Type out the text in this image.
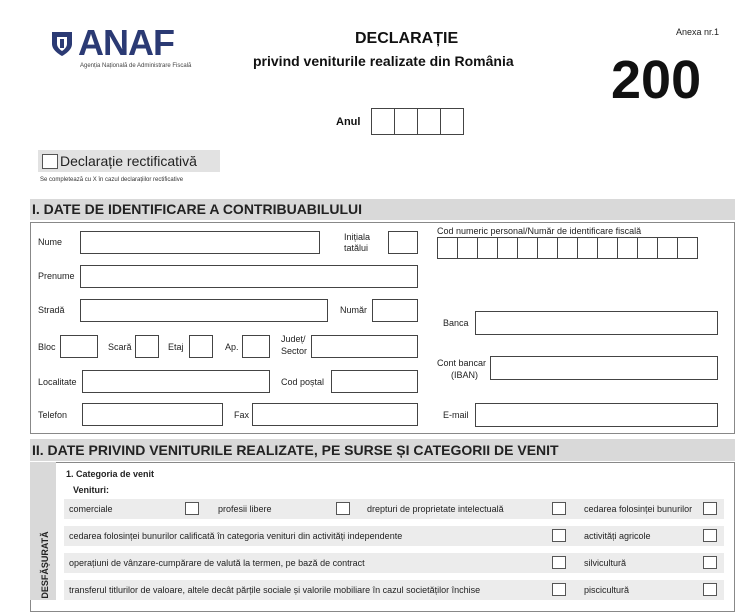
ANAF
Agenția Națională de Administrare Fiscală
DECLARAȚIE
privind veniturile realizate din România
Anexa nr.1
200
Anul
Declarație rectificativă
Se completează cu X în cazul declarațiilor rectificative
I. DATE DE IDENTIFICARE A CONTRIBUABILULUI
Nume	Inițiala
tatălui
Cod numeric personal/Număr de identificare fiscală
Prenume
Stradă	Număr
Banca
Bloc	Scară	Etaj	Ap.
Județ/
Sector
Cont bancar
(IBAN)
Localitate	Cod poștal
Telefon	Fax	E-mail
II. DATE PRIVIND VENITURILE REALIZATE, PE SURSE ȘI CATEGORII DE VENIT
DESFĂȘURATĂ
1. Categoria de venit
Venituri:
comerciale	profesii libere	drepturi de proprietate intelectuală	cedarea folosinței bunurilor
cedarea folosinței bunurilor calificată în categoria venituri din activități independente	activități agricole
operațiuni de vânzare-cumpărare de valută la termen, pe bază de contract	silvicultură
transferul titlurilor de valoare, altele decât părțile sociale și valorile mobiliare în cazul societăților închise	piscicultură
